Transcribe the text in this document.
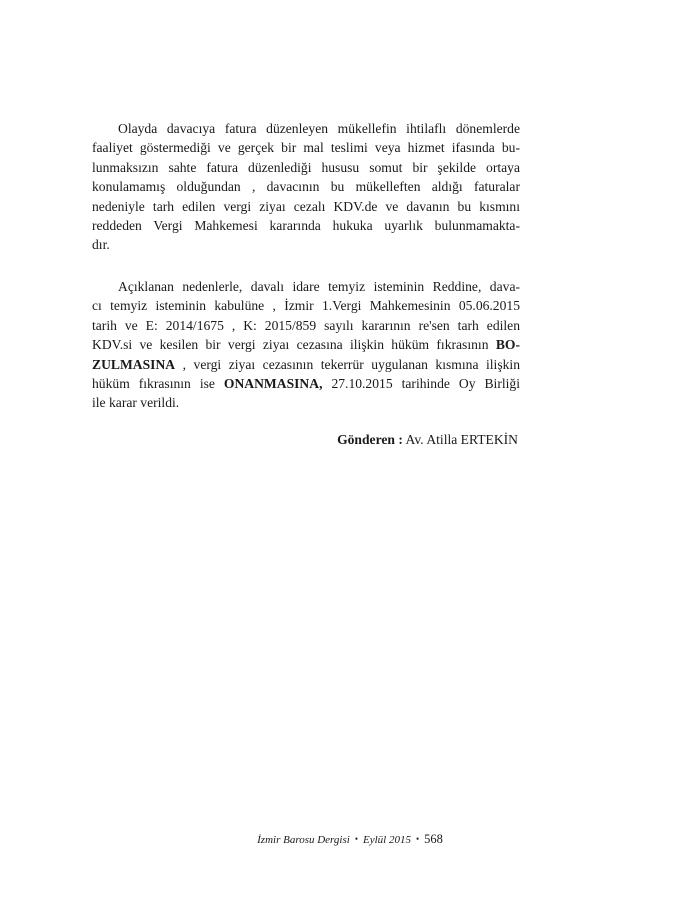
Olayda davacıya fatura düzenleyen mükellefin ihtilaflı dönemlerde
faaliyet göstermediği ve gerçek bir mal teslimi veya hizmet ifasında bu-
lunmaksızın sahte fatura düzenlediği hususu somut bir şekilde ortaya
konulamamış olduğundan , davacının bu mükelleften aldığı faturalar
nedeniyle tarh edilen vergi ziyaı cezalı KDV.de ve davanın bu kısmını
reddeden Vergi Mahkemesi kararında hukuka uyarlık bulunmamakta-
dır.
Açıklanan nedenlerle, davalı idare temyiz isteminin Reddine, dava-
cı temyiz isteminin kabulüne , İzmir 1.Vergi Mahkemesinin 05.06.2015
tarih ve E: 2014/1675 , K: 2015/859 sayılı kararının re'sen tarh edilen
KDV.si ve kesilen bir vergi ziyaı cezasına ilişkin hüküm fıkrasının BO-
ZULMASINA , vergi ziyaı cezasının tekerrür uygulanan kısmına ilişkin
hüküm fıkrasının ise ONANMASINA, 27.10.2015 tarihinde Oy Birliği
ile karar verildi.
Gönderen : Av. Atilla ERTEKİN
İzmir Barosu Dergisi • Eylül 2015 • 568
